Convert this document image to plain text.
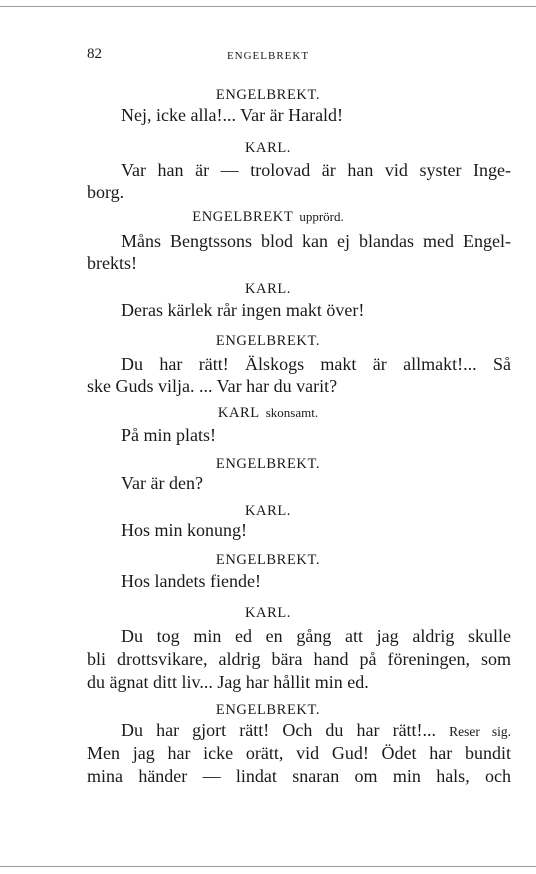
82	ENGELBREKT
ENGELBREKT.
Nej, icke alla!... Var är Harald!
KARL.
Var han är — trolovad är han vid syster Inge-
borg.
ENGELBREKT upprörd.
Måns Bengtssons blod kan ej blandas med Engel-
brekts!
KARL.
Deras kärlek rår ingen makt över!
ENGELBREKT.
Du har rätt! Älskogs makt är allmakt!... Så
ske Guds vilja. ... Var har du varit?
KARL skonsamt.
På min plats!
ENGELBREKT.
Var är den?
KARL.
Hos min konung!
ENGELBREKT.
Hos landets fiende!
KARL.
Du tog min ed en gång att jag aldrig skulle
bli drottsvikare, aldrig bära hand på föreningen, som
du ägnat ditt liv... Jag har hållit min ed.
ENGELBREKT.
Du har gjort rätt! Och du har rätt!... Reser sig.
Men jag har icke orätt, vid Gud! Ödet har bundit
mina händer — lindat snaran om min hals, och
